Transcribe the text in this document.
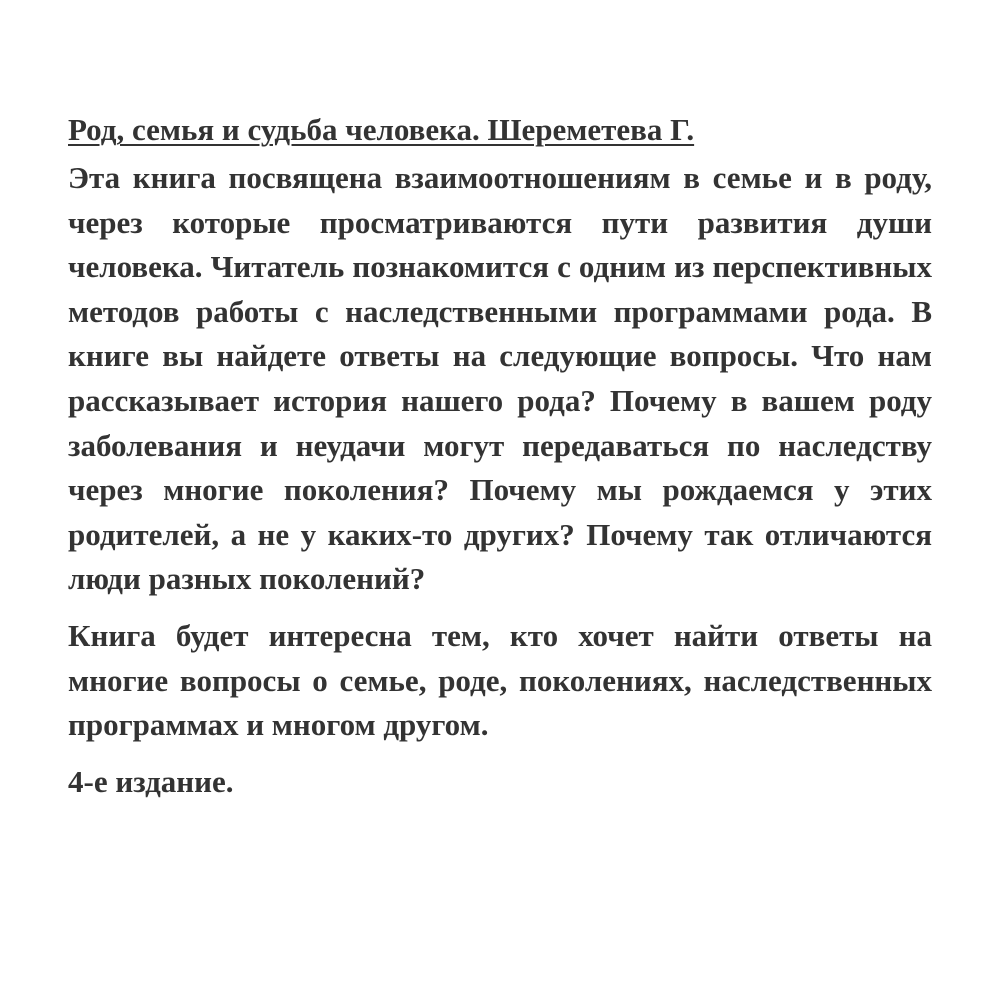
Род, семья и судьба человека. Шереметева Г.

Эта книга посвящена взаимоотношениям в семье и в роду, через которые просматриваются пути развития души человека. Читатель познакомится с одним из перспективных методов работы с наследственными программами рода. В книге вы найдете ответы на следующие вопросы. Что нам рассказывает история нашего рода? Почему в вашем роду заболевания и неудачи могут передаваться по наследству через многие поколения? Почему мы рождаемся у этих родителей, а не у каких-то других? Почему так отличаются люди разных поколений?

Книга будет интересна тем, кто хочет найти ответы на многие вопросы о семье, роде, поколениях, наследственных программах и многом другом.

4-е издание.
